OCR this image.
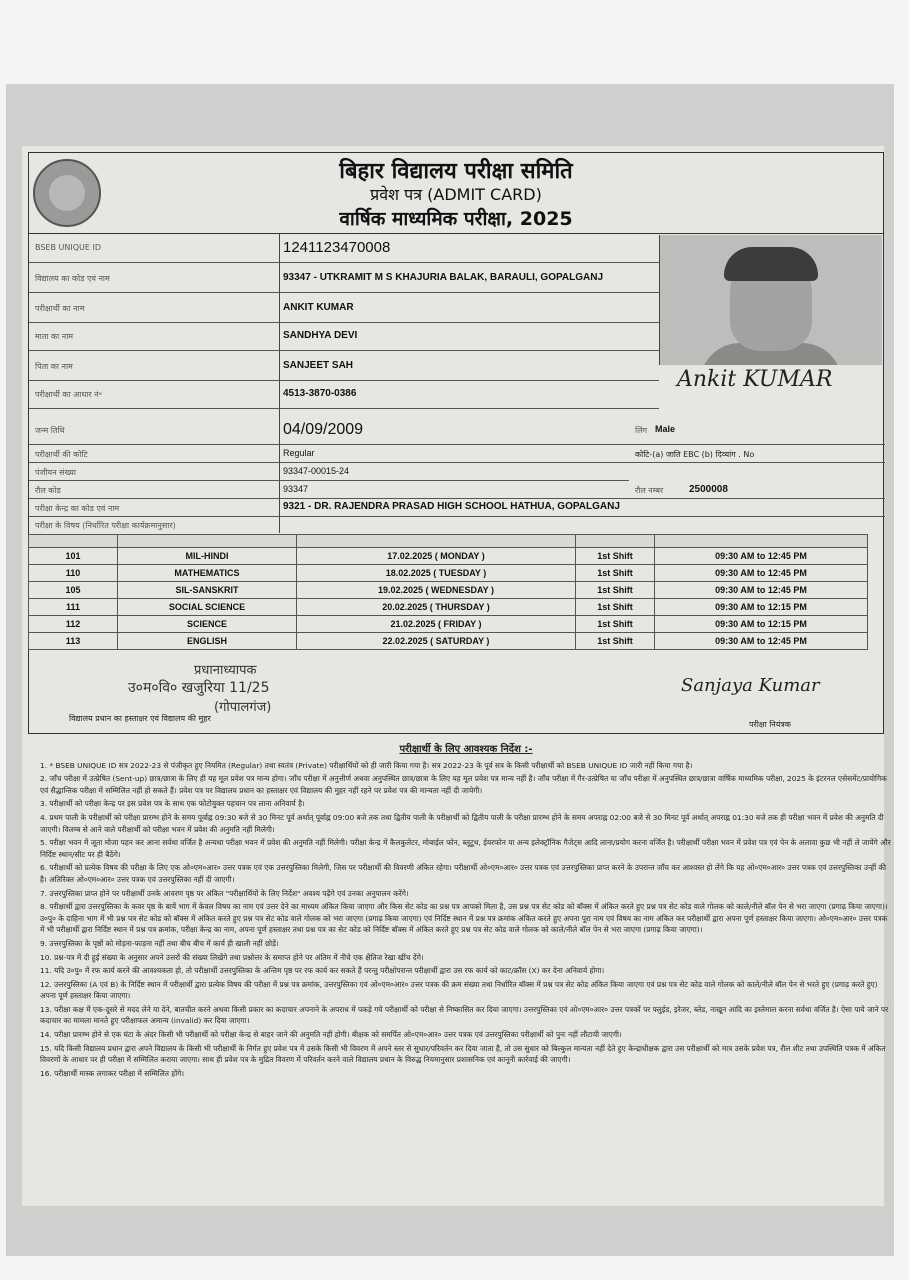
बिहार विद्यालय परीक्षा समिति
प्रवेश पत्र (ADMIT CARD)
वार्षिक माध्यमिक परीक्षा, 2025
BSEB UNIQUE ID	1241123470008
विद्यालय का कोड एवं नाम	93347 - UTKRAMIT M S KHAJURIA BALAK, BARAULI, GOPALGANJ
परीक्षार्थी का नाम	ANKIT KUMAR
माता का नाम	SANDHYA DEVI
पिता का नाम	SANJEET SAH
परीक्षार्थी का आधार नं॰	4513-3870-0386
Ankit KUMAR
जन्म तिथि	04/09/2009	लिंग Male
परीक्षार्थी की कोटि	Regular	कोटि-(a) जाति EBC (b) दिव्यांग . No
पंजीयन संख्या	93347-00015-24
रौल कोड	93347	रौल नम्बर	2500008
परीक्षा केन्द्र का कोड एवं नाम	9321 - DR. RAJENDRA PRASAD HIGH SCHOOL HATHUA, GOPALGANJ
परीक्षा के विषय (निर्धारित परीक्षा कार्यक्रमानुसार)
Sanjaya Kumar
परीक्षा नियंत्रक
विद्यालय प्रधान का हस्ताक्षर एवं विद्यालय की मुहर

101	MIL-HINDI	17.02.2025 ( MONDAY )	1st Shift	09:30 AM to 12:45 PM
110	MATHEMATICS	18.02.2025 ( TUESDAY )	1st Shift	09:30 AM to 12:45 PM
105	SIL-SANSKRIT	19.02.2025 ( WEDNESDAY )	1st Shift	09:30 AM to 12:45 PM
111	SOCIAL SCIENCE	20.02.2025 ( THURSDAY )	1st Shift	09:30 AM to 12:15 PM
112	SCIENCE	21.02.2025 ( FRIDAY )	1st Shift	09:30 AM to 12:15 PM
113	ENGLISH	22.02.2025 ( SATURDAY )	1st Shift	09:30 AM to 12:45 PM
प्रधानाध्यापक
उ०म०वि० खजुरिया 11/25
(गोपालगंज)
परीक्षार्थी के लिए आवश्यक निर्देश :-

1. * BSEB UNIQUE ID सत्र 2022-23 से पंजीकृत हुए नियमित (Regular) तथा स्वतंत्र (Private) परीक्षार्थियों को ही जारी किया गया है। सत्र 2022-23 के पूर्व सत्र के किसी परीक्षार्थी को BSEB UNIQUE ID जारी नहीं किया गया है।

2. जाँच परीक्षा में उत्प्रेषित (Sent-up) छात्र/छात्रा के लिए ही यह मूल प्रवेश पत्र मान्य होगा। जाँच परीक्षा में अनुत्तीर्ण अथवा अनुपस्थित छात्र/छात्रा के लिए यह मूल प्रवेश पत्र मान्य नहीं है। जाँच परीक्षा में गैर-उत्प्रेषित या जाँच परीक्षा में अनुपस्थित छात्र/छात्रा वार्षिक माध्यमिक परीक्षा, 2025 के इंटरनल एसेसमेंट/प्रायोगिक एवं सैद्धान्तिक परीक्षा में सम्मिलित नहीं हो सकते हैं। प्रवेश पत्र पर विद्यालय प्रधान का हस्ताक्षर एवं विद्यालय की मुहर नहीं रहने पर प्रवेश पत्र की मान्यता नहीं दी जायेगी।

3. परीक्षार्थी को परीक्षा केन्द्र पर इस प्रवेश पत्र के साथ एक फोटोयुक्त पहचान पत्र लाना अनिवार्य है।

4. प्रथम पाली के परीक्षार्थी को परीक्षा प्रारम्भ होने के समय पूर्वाह्न 09:30 बजे से 30 मिनट पूर्व अर्थात् पूर्वाह्न 09:00 बजे तक तथा द्वितीय पाली के परीक्षार्थी को द्वितीय पाली के परीक्षा प्रारम्भ होने के समय अपराह्न 02:00 बजे से 30 मिनट पूर्व अर्थात् अपराह्न 01:30 बजे तक ही परीक्षा भवन में प्रवेश की अनुमति दी जाएगी। विलम्ब से आने वाले परीक्षार्थी को परीक्षा भवन में प्रवेश की अनुमति नहीं मिलेगी।

5. परीक्षा भवन में जूता मोजा पहन कर आना सर्वथा वर्जित है अन्यथा परीक्षा भवन में प्रवेश की अनुमति नहीं मिलेगी। परीक्षा केन्द्र में कैलकुलेटर, मोबाईल फोन, ब्लूटूथ, ईयरफोन या अन्य इलेक्ट्रॉनिक गैजेट्स आदि लाना/प्रयोग करना वर्जित है। परीक्षार्थी परीक्षा भवन में प्रवेश पत्र एवं पेन के अलावा कुछ भी नहीं ले जायेंगे और निर्दिष्ट स्थान/सीट पर ही बैठेंगे।

6. परीक्षार्थी को प्रत्येक विषय की परीक्षा के लिए एक ओ०एम०आर० उत्तर पत्रक एवं एक उत्तरपुस्तिका मिलेगी, जिस पर परीक्षार्थी की विवरणी अंकित रहेगा। परीक्षार्थी ओ०एम०आर० उत्तर पत्रक एवं उत्तरपुस्तिका प्राप्त करने के उपरान्त जाँच कर आश्वस्त हो लेंगे कि यह ओ०एम०आर० उत्तर पत्रक एवं उत्तरपुस्तिका उन्हीं की है। अतिरिक्त ओ०एम०आर० उत्तर पत्रक एवं उत्तरपुस्तिका नहीं दी जाएगी।

7. उत्तरपुस्तिका प्राप्त होने पर परीक्षार्थी उनके आवरण पृष्ठ पर अंकित "परीक्षार्थियों के लिए निर्देश" अवश्य पढ़ेंगे एवं उनका अनुपालन करेंगे।

8. परीक्षार्थी द्वारा उत्तरपुस्तिका के कवर पृष्ठ के बायें भाग में केवल विषय का नाम एवं उत्तर देने का माध्यम अंकित किया जाएगा और किस सेट कोड का प्रश्न पत्र आपको मिला है, उस प्रश्न पत्र सेट कोड को बॉक्स में अंकित करते हुए प्रश्न पत्र सेट कोड वाले गोलक को काले/नीले बॉल पेन से भरा जाएगा (प्रगाढ़ किया जाएगा)। उ०पु० के दाहिना भाग में भी प्रश्न पत्र सेट कोड को बॉक्स में अंकित करते हुए प्रश्न पत्र सेट कोड वाले गोलक को भरा जाएगा (प्रगाढ़ किया जाएगा) एवं निर्दिष्ट स्थान में प्रश्न पत्र क्रमांक अंकित करते हुए अपना पूरा नाम एवं विषय का नाम अंकित कर परीक्षार्थी द्वारा अपना पूर्ण हस्ताक्षर किया जाएगा। ओ०एम०आर० उत्तर पत्रक में भी परीक्षार्थी द्वारा निर्दिष्ट स्थान में प्रश्न पत्र क्रमांक, परीक्षा केन्द्र का नाम, अपना पूर्ण हस्ताक्षर तथा प्रश्न पत्र का सेट कोड को निर्दिष्ट बॉक्स में अंकित करते हुए प्रश्न पत्र सेट कोड वाले गोलक को काले/नीले बॉल पेन से भरा जाएगा (प्रगाढ़ किया जाएगा)।

9. उत्तरपुस्तिका के पृष्ठों को मोड़ना-फाड़ना नहीं तथा बीच बीच में कार्य ही खाली नहीं छोड़ें।

10. प्रश्न-पत्र में दी हुई संख्या के अनुसार अपने उत्तरों की संख्या लिखेंगे तथा प्रश्नोत्तर के समाप्त होने पर अंतिम में नीचे एक क्षैतिज रेखा खींच देंगे।

11. यदि उ०पु० में रफ कार्य करने की आवश्यकता हो, तो परीक्षार्थी उत्तरपुस्तिका के अन्तिम पृष्ठ पर रफ कार्य कर सकते हैं परन्तु परीक्षोपरान्त परीक्षार्थी द्वारा उस रफ कार्य को काट/क्रॉस (X) कर देना अनिवार्य होगा।

12. उत्तरपुस्तिका (A एवं B) के निर्दिष्ट स्थान में परीक्षार्थी द्वारा प्रत्येक विषय की परीक्षा में प्रश्न पत्र क्रमांक, उत्तरपुस्तिका एवं ओ०एम०आर० उत्तर पत्रक की क्रम संख्या तथा निर्धारित बॉक्स में प्रश्न पत्र सेट कोड अंकित किया जाएगा एवं प्रश्न पत्र सेट कोड वाले गोलक को काले/नीले बॉल पेन से भरते हुए (प्रगाढ़ करते हुए) अपना पूर्ण हस्ताक्षर किया जाएगा।

13. परीक्षा कक्ष में एक-दूसरे से मदद लेने या देने, बातचीत करने अथवा किसी प्रकार का कदाचार अपनाने के अपराध में पकड़े गये परीक्षार्थी को परीक्षा से निष्कासित कर दिया जाएगा। उत्तरपुस्तिका एवं ओ०एम०आर० उत्तर पत्रकों पर फ्लुईड, इरेजर, ब्लेड, नाखून आदि का इस्तेमाल करना सर्वथा वर्जित है। ऐसा पाये जाने पर कदाचार का मामला मानते हुए परीक्षाफल अमान्य (invalid) कर दिया जाएगा।

14. परीक्षा प्रारम्भ होने से एक घंटा के अंदर किसी भी परीक्षार्थी को परीक्षा केन्द्र से बाहर जाने की अनुमति नहीं होगी। बीक्षक को समर्पित ओ०एम०आर० उत्तर पत्रक एवं उत्तरपुस्तिका परीक्षार्थी को पुनः नहीं लौटायी जाएगी।

15. यदि किसी विद्यालय प्रधान द्वारा अपने विद्यालय के किसी भी परीक्षार्थी के निर्गत हुए प्रवेश पत्र में उसके किसी भी विवरण में अपने स्तर से सुधार/परिवर्तन कर दिया जाता है, तो उस सुधार को बिल्कुल मान्यता नहीं देते हुए केन्द्राधीक्षक द्वारा उस परीक्षार्थी को मात्र उसके प्रवेश पत्र, रौल शीट तथा उपस्थिति पत्रक में अंकित विवरणों के आधार पर ही परीक्षा में सम्मिलित कराया जाएगा। साथ ही प्रवेश पत्र के मुद्रित विवरण में परिवर्तन करने वाले विद्यालय प्रधान के विरुद्ध नियमानुसार प्रशासनिक एवं कानूनी कार्रवाई की जाएगी।

16. परीक्षार्थी मास्क लगाकर परीक्षा में सम्मिलित होंगे।
